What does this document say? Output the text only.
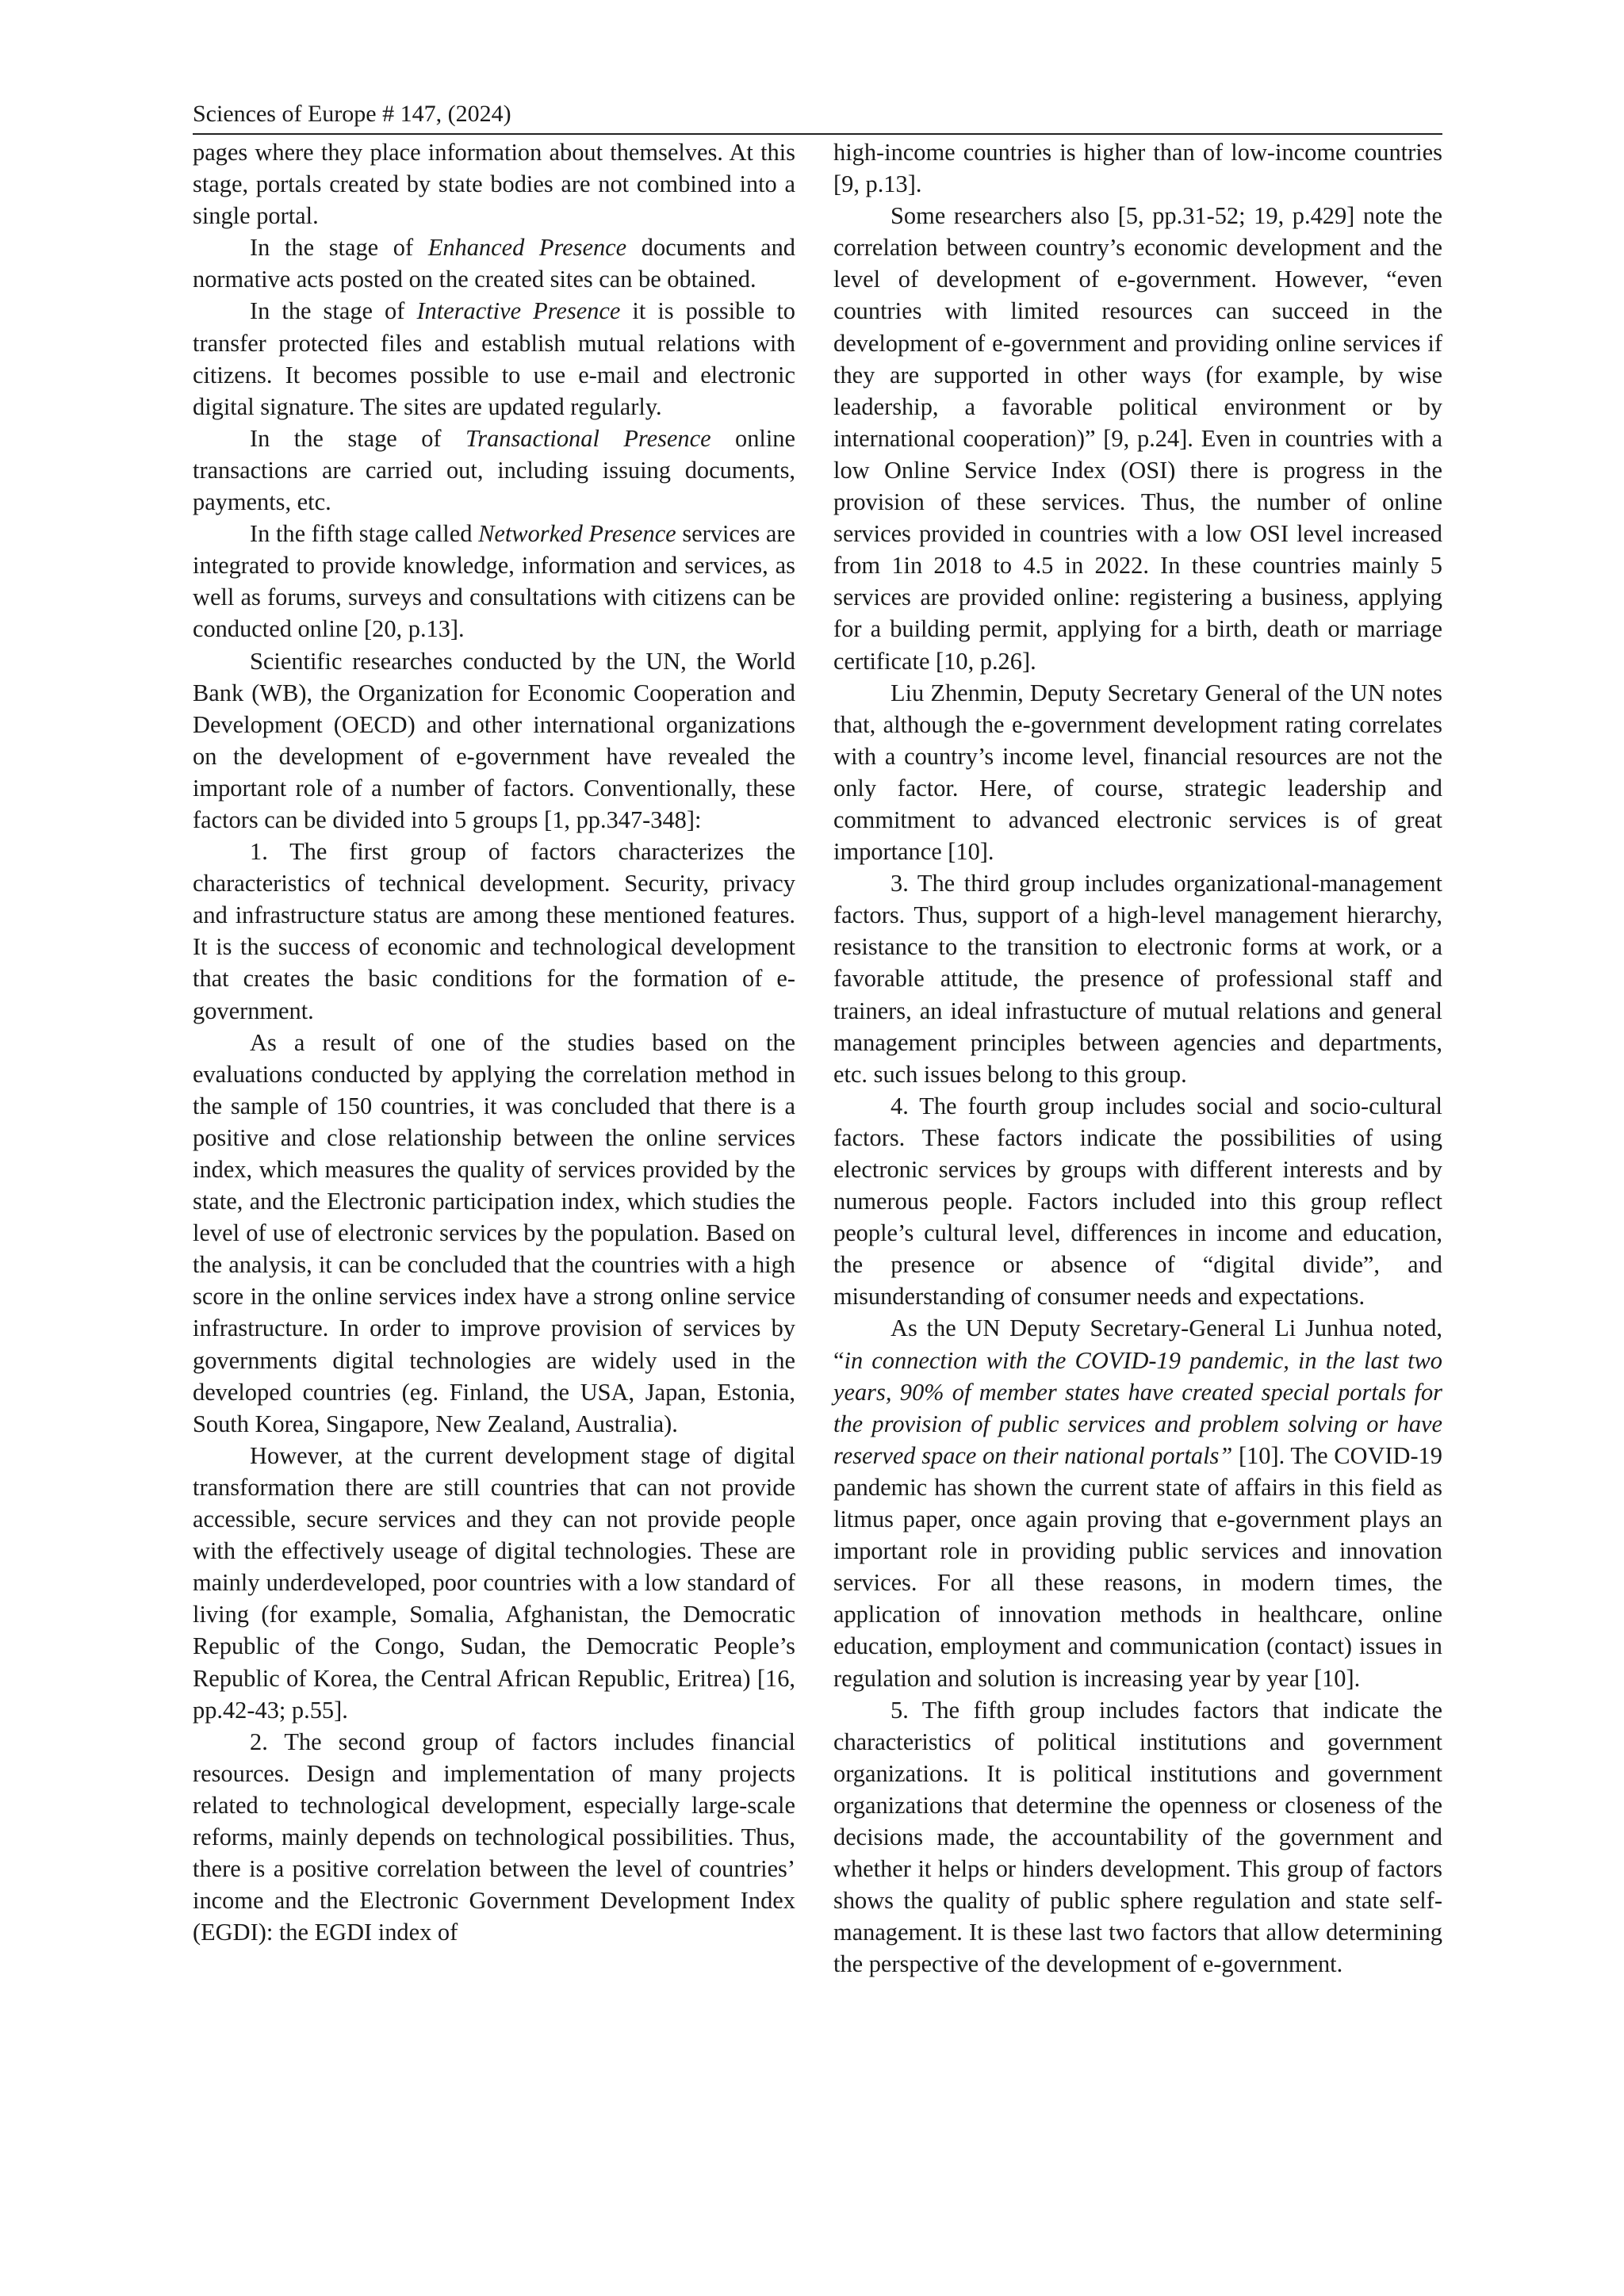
Sciences of Europe # 147, (2024)

pages where they place information about themselves. At this stage, portals created by state bodies are not combined into a single portal.

In the stage of Enhanced Presence documents and normative acts posted on the created sites can be obtained.

In the stage of Interactive Presence it is possible to transfer protected files and establish mutual relations with citizens. It becomes possible to use e-mail and electronic digital signature. The sites are updated regularly.

In the stage of Transactional Presence online transactions are carried out, including issuing documents, payments, etc.

In the fifth stage called Networked Presence services are integrated to provide knowledge, information and services, as well as forums, surveys and consultations with citizens can be conducted online [20, p.13].

Scientific researches conducted by the UN, the World Bank (WB), the Organization for Economic Cooperation and Development (OECD) and other international organizations on the development of e-government have revealed the important role of a number of factors. Conventionally, these factors can be divided into 5 groups [1, pp.347-348]:

1. The first group of factors characterizes the characteristics of technical development. Security, privacy and infrastructure status are among these mentioned features. It is the success of economic and technological development that creates the basic conditions for the formation of e-government.

As a result of one of the studies based on the evaluations conducted by applying the correlation method in the sample of 150 countries, it was concluded that there is a positive and close relationship between the online services index, which measures the quality of services provided by the state, and the Electronic participation index, which studies the level of use of electronic services by the population. Based on the analysis, it can be concluded that the countries with a high score in the online services index have a strong online service infrastructure. In order to improve provision of services by governments digital technologies are widely used in the developed countries (eg. Finland, the USA, Japan, Estonia, South Korea, Singapore, New Zealand, Australia).

However, at the current development stage of digital transformation there are still countries that can not provide accessible, secure services and they can not provide people with the effectively useage of digital technologies. These are mainly underdeveloped, poor countries with a low standard of living (for example, Somalia, Afghanistan, the Democratic Republic of the Congo, Sudan, the Democratic People’s Republic of Korea, the Central African Republic, Eritrea) [16, pp.42-43; p.55].

2. The second group of factors includes financial resources. Design and implementation of many projects related to technological development, especially large-scale reforms, mainly depends on technological possibilities. Thus, there is a positive correlation between the level of countries’ income and the Electronic Government Development Index (EGDI): the EGDI index of

high-income countries is higher than of low-income countries [9, p.13].

Some researchers also [5, pp.31-52; 19, p.429] note the correlation between country’s economic development and the level of development of e-government. However, “even countries with limited resources can succeed in the development of e-government and providing online services if they are supported in other ways (for example, by wise leadership, a favorable political environment or by international cooperation)” [9, p.24]. Even in countries with a low Online Service Index (OSI) there is progress in the provision of these services. Thus, the number of online services provided in countries with a low OSI level increased from 1in 2018 to 4.5 in 2022. In these countries mainly 5 services are provided online: registering a business, applying for a building permit, applying for a birth, death or marriage certificate [10, p.26].

Liu Zhenmin, Deputy Secretary General of the UN notes that, although the e-government development rating correlates with a country’s income level, financial resources are not the only factor. Here, of course, strategic leadership and commitment to advanced electronic services is of great importance [10].

3. The third group includes organizational-management factors. Thus, support of a high-level management hierarchy, resistance to the transition to electronic forms at work, or a favorable attitude, the presence of professional staff and trainers, an ideal infrastucture of mutual relations and general management principles between agencies and departments, etc. such issues belong to this group.

4. The fourth group includes social and socio-cultural factors. These factors indicate the possibilities of using electronic services by groups with different interests and by numerous people. Factors included into this group reflect people’s cultural level, differences in income and education, the presence or absence of “digital divide”, and misunderstanding of consumer needs and expectations.

As the UN Deputy Secretary-General Li Junhua noted, “in connection with the COVID-19 pandemic, in the last two years, 90% of member states have created special portals for the provision of public services and problem solving or have reserved space on their national portals” [10]. The COVID-19 pandemic has shown the current state of affairs in this field as litmus paper, once again proving that e-government plays an important role in providing public services and innovation services. For all these reasons, in modern times, the application of innovation methods in healthcare, online education, employment and communication (contact) issues in regulation and solution is increasing year by year [10].

5. The fifth group includes factors that indicate the characteristics of political institutions and government organizations. It is political institutions and government organizations that determine the openness or closeness of the decisions made, the accountability of the government and whether it helps or hinders development. This group of factors shows the quality of public sphere regulation and state self-management. It is these last two factors that allow determining the perspective of the development of e-government.
